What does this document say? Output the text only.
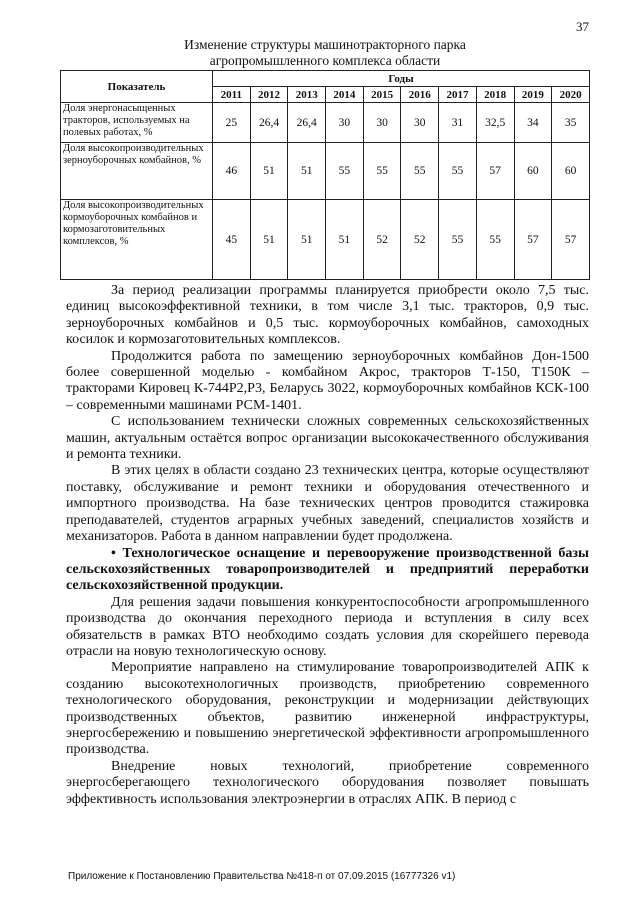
37
Изменение структуры машинотракторного парка
агропромышленного комплекса области
Показатель	Годы									
	2011	2012	2013	2014	2015	2016	2017	2018	2019	2020
Доля энергонасыщенных тракторов, используемых на полевых работах, %	25	26,4	26,4	30	30	30	31	32,5	34	35
Доля высокопроизводительных зерноуборочных комбайнов, %	46	51	51	55	55	55	55	57	60	60
Доля высокопроизводительных кормоуборочных комбайнов и кормозаготовительных комплексов, %	45	51	51	51	52	52	55	55	57	57

За период реализации программы планируется приобрести около 7,5 тыс. единиц высокоэффективной техники, в том числе 3,1 тыс. тракторов, 0,9 тыс. зерноуборочных комбайнов и 0,5 тыс. кормоуборочных комбайнов, самоходных косилок и кормозаготовительных комплексов.

Продолжится работа по замещению зерноуборочных комбайнов Дон-1500 более совершенной моделью - комбайном Акрос, тракторов Т-150, Т150К – тракторами Кировец К-744Р2,Р3, Беларусь 3022, кормоуборочных комбайнов КСК-100 – современными машинами РСМ-1401.

С использованием технически сложных современных сельскохозяйственных машин, актуальным остаётся вопрос организации высококачественного обслуживания и ремонта техники.

В этих целях в области создано 23 технических центра, которые осуществляют поставку, обслуживание и ремонт техники и оборудования отечественного и импортного производства. На базе технических центров проводится стажировка преподавателей, студентов аграрных учебных заведений, специалистов хозяйств и механизаторов. Работа в данном направлении будет продолжена.

• Технологическое оснащение и перевооружение производственной базы сельскохозяйственных товаропроизводителей и предприятий переработки сельскохозяйственной продукции.

Для решения задачи повышения конкурентоспособности агропромышленного производства до окончания переходного периода и вступления в силу всех обязательств в рамках ВТО необходимо создать условия для скорейшего перевода отрасли на новую технологическую основу.

Мероприятие направлено на стимулирование товаропроизводителей АПК к созданию высокотехнологичных производств, приобретению современного технологического оборудования, реконструкции и модернизации действующих производственных объектов, развитию инженерной инфраструктуры, энергосбережению и повышению энергетической эффективности агропромышленного производства.

Внедрение новых технологий, приобретение современного энергосберегающего технологического оборудования позволяет повышать эффективность использования электроэнергии в отраслях АПК. В период с

Приложение к Постановлению Правительства №418-п от 07.09.2015 (16777326 v1)
